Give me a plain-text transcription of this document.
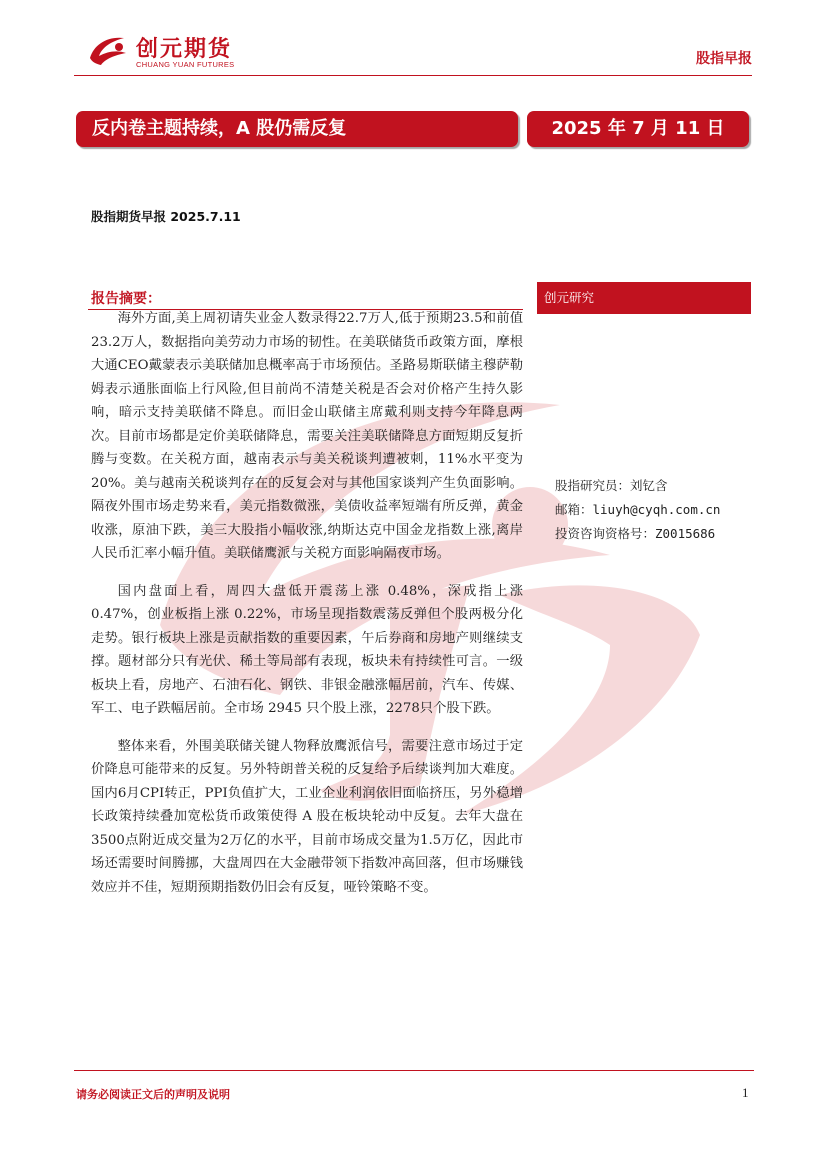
创元期货
CHUANG YUAN FUTURES	股指早报
反内卷主题持续，A 股仍需反复	2025 年 7 月 11 日
股指期货早报 2025.7.11
报告摘要：

海外方面,美上周初请失业金人数录得22.7万人,低于预期23.5和前值23.2万人，数据指向美劳动力市场的韧性。在美联储货币政策方面，摩根大通CEO戴蒙表示美联储加息概率高于市场预估。圣路易斯联储主穆萨勒姆表示通胀面临上行风险,但目前尚不清楚关税是否会对价格产生持久影响，暗示支持美联储不降息。而旧金山联储主席戴利则支持今年降息两次。目前市场都是定价美联储降息，需要关注美联储降息方面短期反复折腾与变数。在关税方面，越南表示与美关税谈判遭被刺，11%水平变为 20%。美与越南关税谈判存在的反复会对与其他国家谈判产生负面影响。隔夜外围市场走势来看，美元指数微涨，美债收益率短端有所反弹，黄金收涨，原油下跌，美三大股指小幅收涨,纳斯达克中国金龙指数上涨,离岸人民币汇率小幅升值。美联储鹰派与关税方面影响隔夜市场。

国内盘面上看，周四大盘低开震荡上涨 0.48%，深成指上涨0.47%，创业板指上涨 0.22%，市场呈现指数震荡反弹但个股两极分化走势。银行板块上涨是贡献指数的重要因素，午后券商和房地产则继续支撑。题材部分只有光伏、稀土等局部有表现，板块未有持续性可言。一级板块上看，房地产、石油石化、钢铁、非银金融涨幅居前，汽车、传媒、军工、电子跌幅居前。全市场 2945 只个股上涨，2278只个股下跌。

整体来看，外围美联储关键人物释放鹰派信号，需要注意市场过于定价降息可能带来的反复。另外特朗普关税的反复给予后续谈判加大难度。国内6月CPI转正，PPI负值扩大，工业企业利润依旧面临挤压，另外稳增长政策持续叠加宽松货币政策使得 A 股在板块轮动中反复。去年大盘在3500点附近成交量为2万亿的水平，目前市场成交量为1.5万亿，因此市场还需要时间腾挪，大盘周四在大金融带领下指数冲高回落，但市场赚钱效应并不佳，短期预期指数仍旧会有反复，哑铃策略不变。

创元研究
股指研究员：刘钇含
邮箱：liuyh@cyqh.com.cn
投资咨询资格号：Z0015686
请务必阅读正文后的声明及说明	1
